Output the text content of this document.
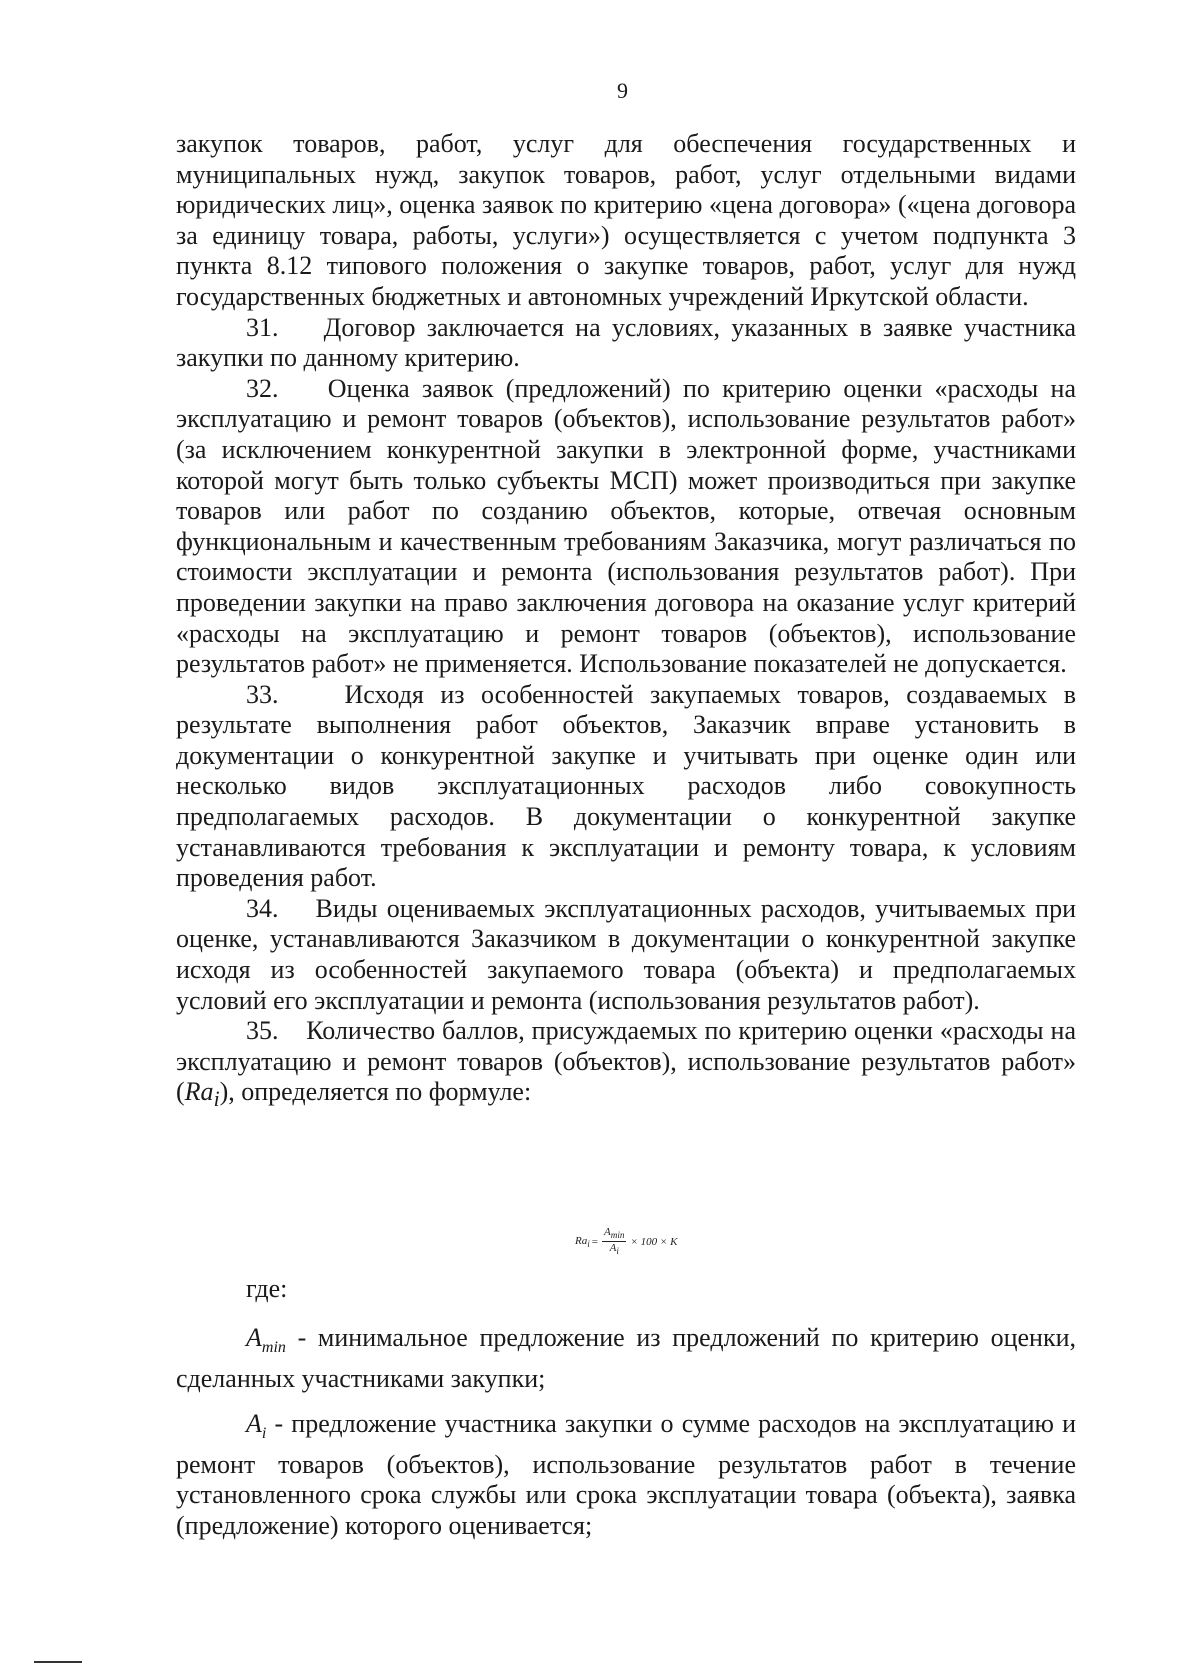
9

закупок товаров, работ, услуг для обеспечения государственных и муниципальных нужд, закупок товаров, работ, услуг отдельными видами юридических лиц», оценка заявок по критерию «цена договора» («цена договора за единицу товара, работы, услуги») осуществляется с учетом подпункта 3 пункта 8.12 типового положения о закупке товаров, работ, услуг для нужд государственных бюджетных и автономных учреждений Иркутской области.

31. Договор заключается на условиях, указанных в заявке участника закупки по данному критерию.

32. Оценка заявок (предложений) по критерию оценки «расходы на эксплуатацию и ремонт товаров (объектов), использование результатов работ» (за исключением конкурентной закупки в электронной форме, участниками которой могут быть только субъекты МСП) может производиться при закупке товаров или работ по созданию объектов, которые, отвечая основным функциональным и качественным требованиям Заказчика, могут различаться по стоимости эксплуатации и ремонта (использования результатов работ). При проведении закупки на право заключения договора на оказание услуг критерий «расходы на эксплуатацию и ремонт товаров (объектов), использование результатов работ» не применяется. Использование показателей не допускается.

33.	Исходя из особенностей закупаемых товаров, создаваемых в результате выполнения работ объектов, Заказчик вправе установить в документации о конкурентной закупке и учитывать при оценке один или несколько видов эксплуатационных расходов либо совокупность предполагаемых расходов. В документации о конкурентной закупке устанавливаются требования к эксплуатации и ремонту товара, к условиям проведения работ.

34. Виды оцениваемых эксплуатационных расходов, учитываемых при оценке, устанавливаются Заказчиком в документации о конкурентной закупке исходя из особенностей закупаемого товара (объекта) и предполагаемых условий его эксплуатации и ремонта (использования результатов работ).

35. Количество баллов, присуждаемых по критерию оценки «расходы на эксплуатацию и ремонт товаров (объектов), использование результатов работ» $(Ra_i)$, определяется по формуле:

$Ra_i = \frac{A_{min}}{A_i} \times 100 \times K$
где:

$A_{min}$ - минимальное предложение из предложений по критерию оценки, сделанных участниками закупки;

$A_i$ - предложение участника закупки о сумме расходов на эксплуатацию и ремонт товаров (объектов), использование результатов работ в течение установленного срока службы или срока эксплуатации товара (объекта), заявка (предложение) которого оценивается;
